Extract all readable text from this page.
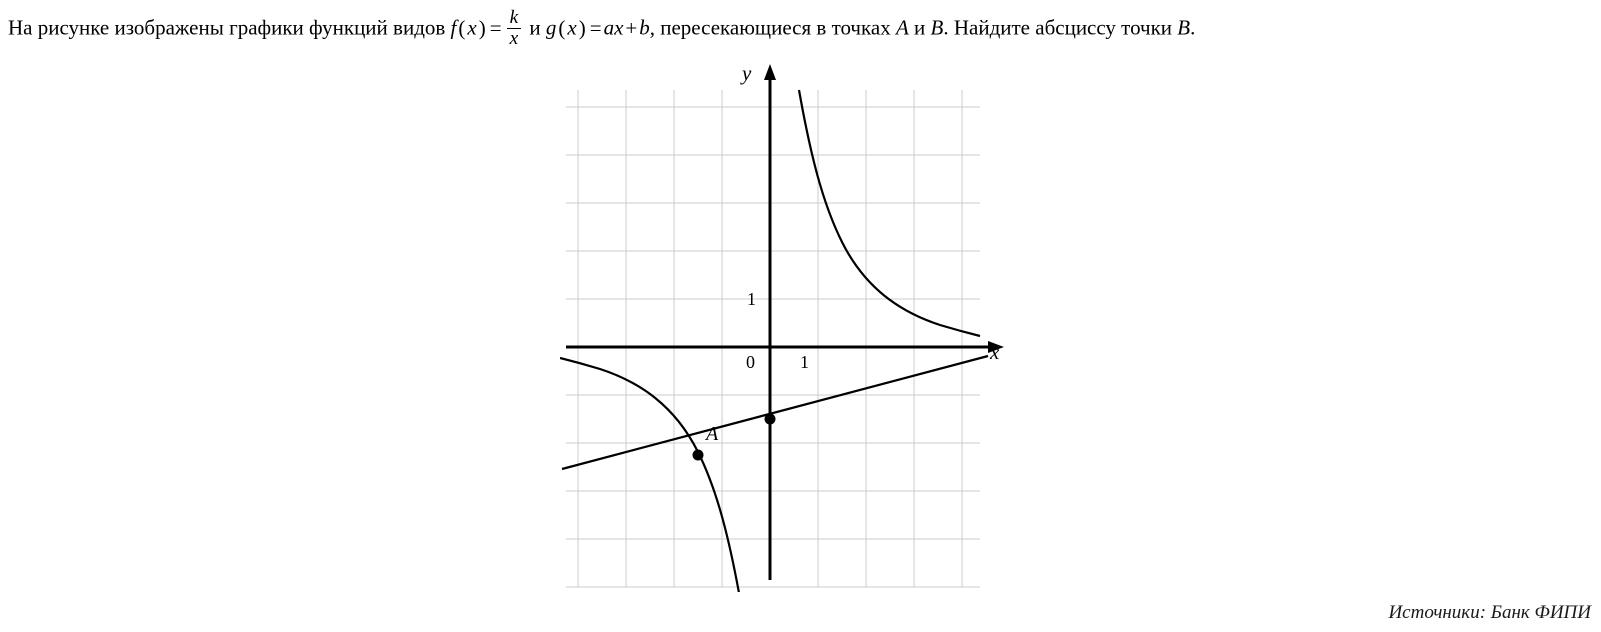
На рисунке изображены графики функций видов $f(x) = \frac{k}{x}$ и g(x) =ax+b, пересекающиеся в точках A и B. Найдите абсциссу точки B.
A
y
x
0	1
1
Источники: Банк ФИПИ
